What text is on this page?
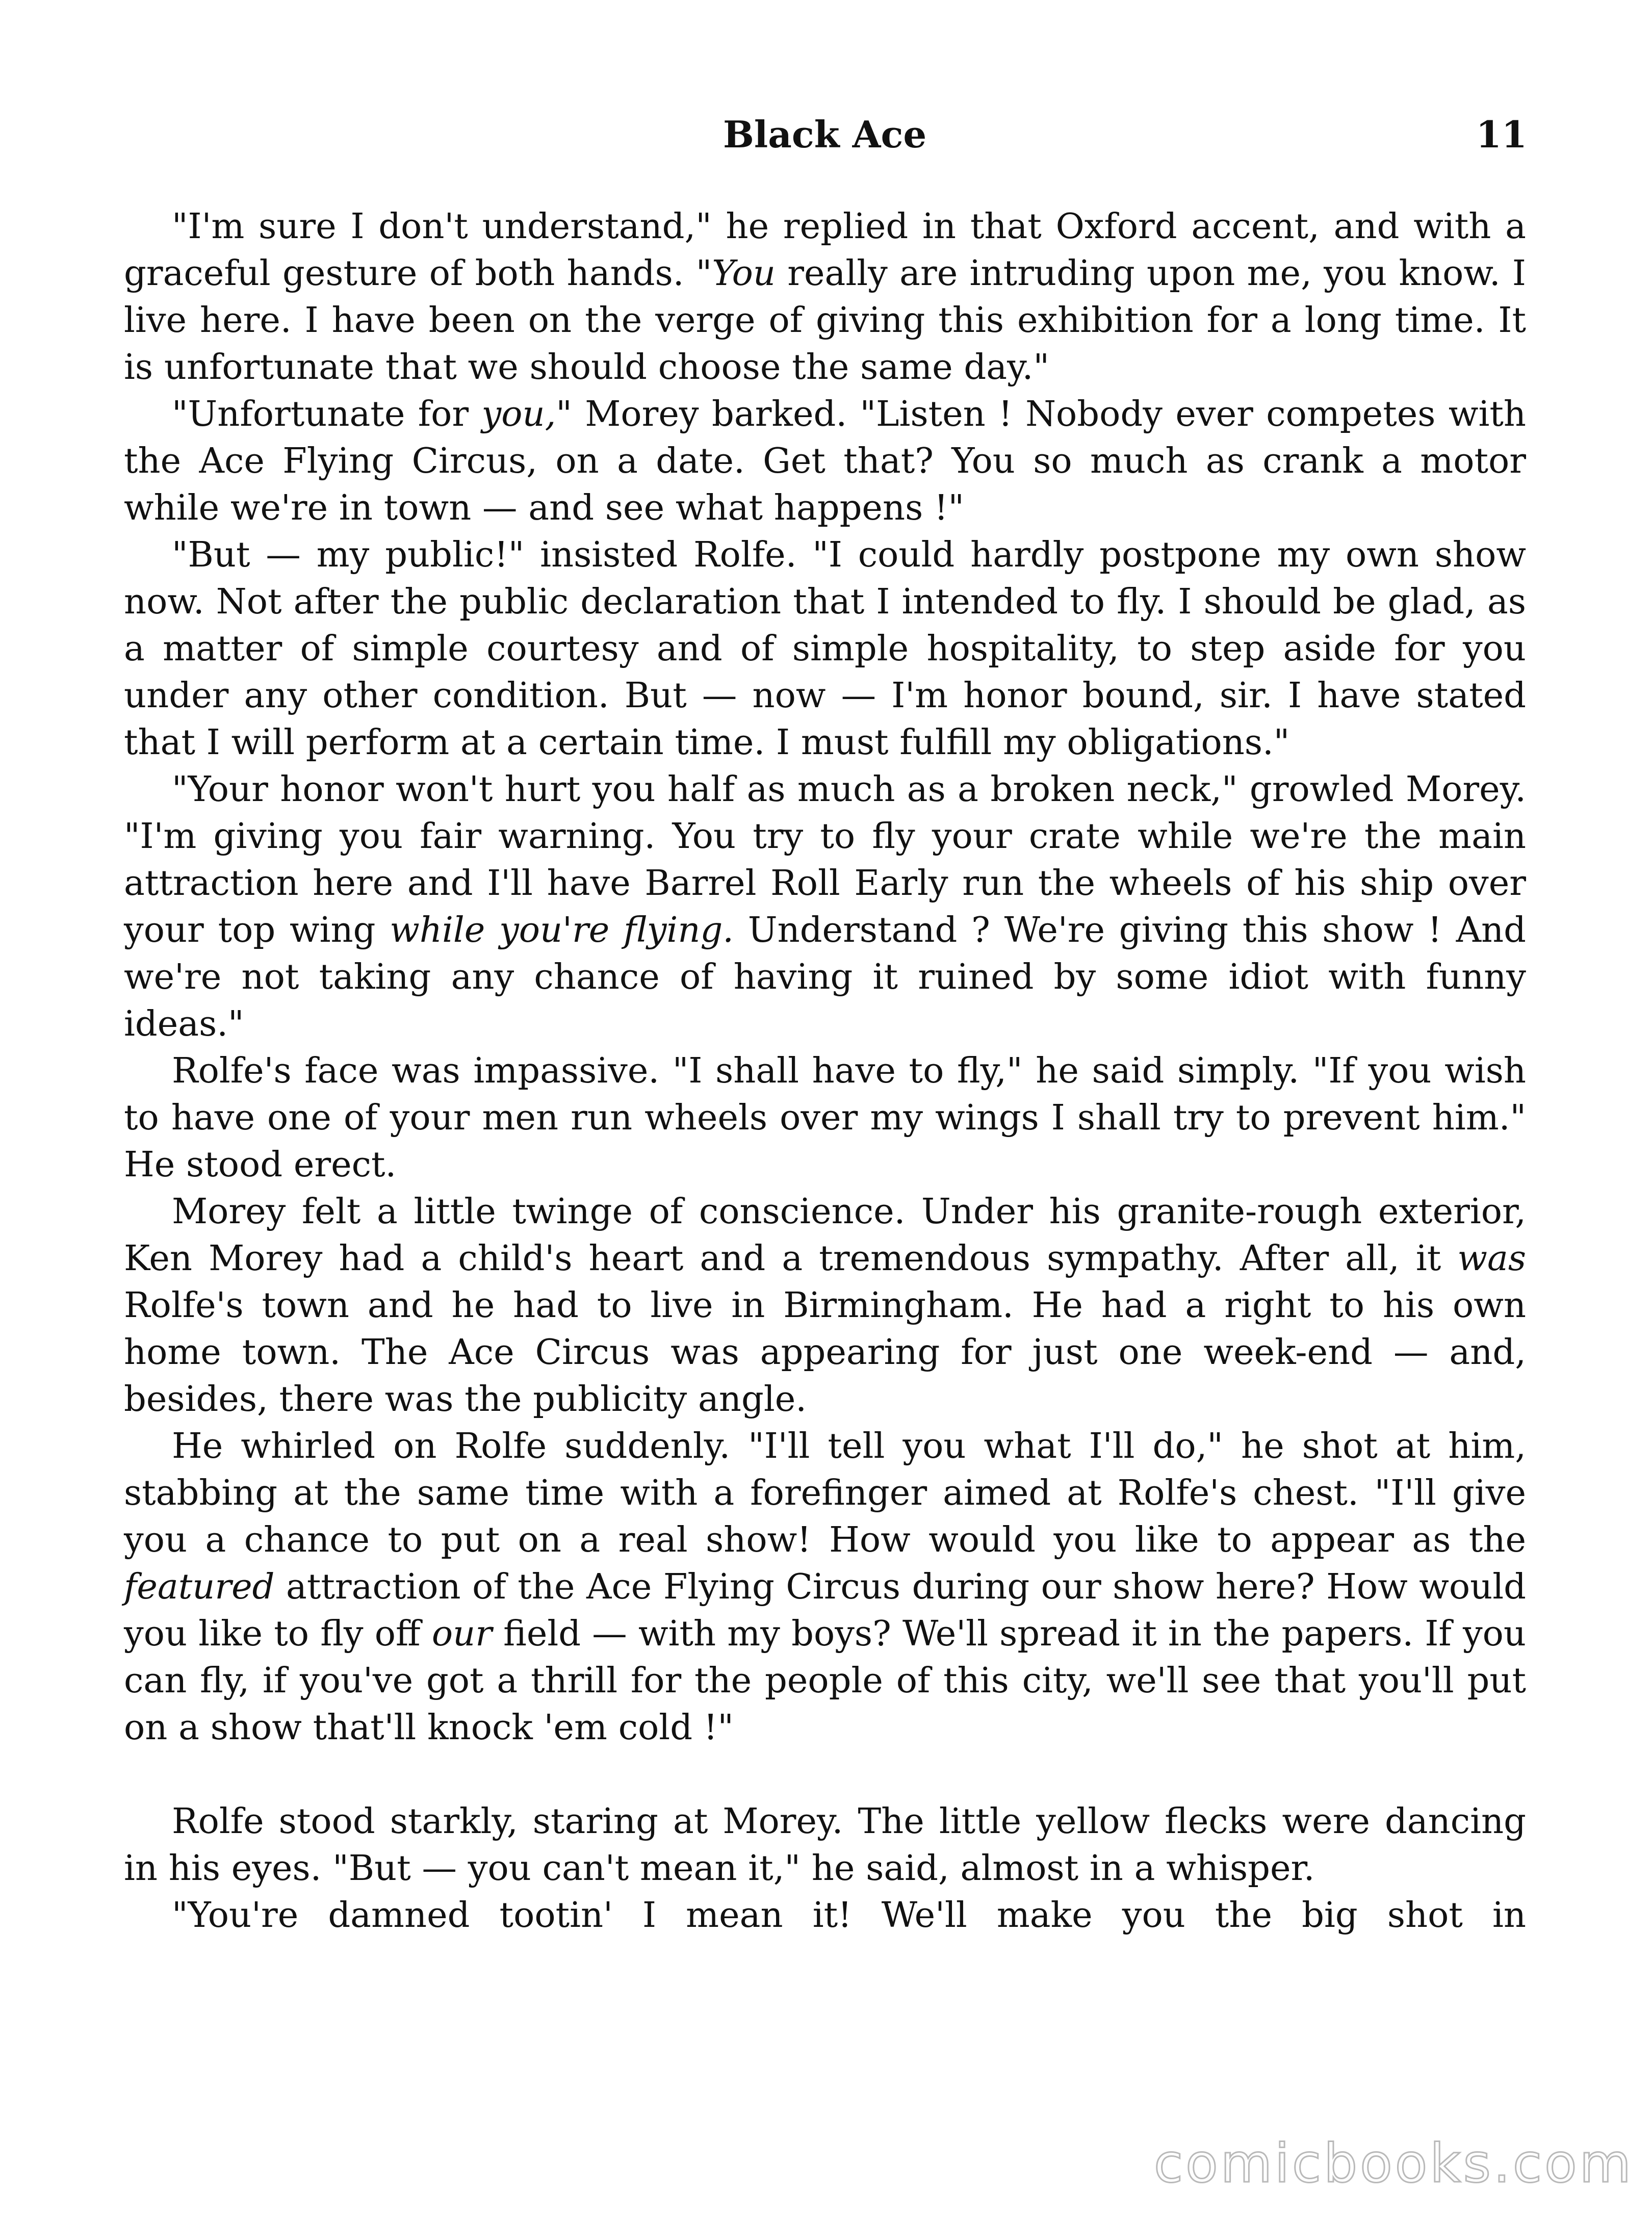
Black Ace	11

"I'm sure I don't understand," he replied in that Oxford accent, and with a graceful gesture of both hands. "You really are intruding upon me, you know. I live here. I have been on the verge of giving this exhibition for a long time. It is unfortunate that we should choose the same day."

"Unfortunate for you," Morey barked. "Listen ! Nobody ever competes with the Ace Flying Circus, on a date. Get that? You so much as crank a motor while we're in town — and see what happens !"

"But — my public!" insisted Rolfe. "I could hardly postpone my own show now. Not after the public declaration that I intended to fly. I should be glad, as a matter of simple courtesy and of simple hospitality, to step aside for you under any other condition. But — now — I'm honor bound, sir. I have stated that I will perform at a certain time. I must fulfill my obligations."

"Your honor won't hurt you half as much as a broken neck," growled Morey. "I'm giving you fair warning. You try to fly your crate while we're the main attraction here and I'll have Barrel Roll Early run the wheels of his ship over your top wing while you're flying. Understand ? We're giving this show ! And we're not taking any chance of having it ruined by some idiot with funny ideas."

Rolfe's face was impassive. "I shall have to fly," he said simply. "If you wish to have one of your men run wheels over my wings I shall try to prevent him." He stood erect.

Morey felt a little twinge of conscience. Under his granite-rough exterior, Ken Morey had a child's heart and a tremendous sympathy. After all, it was Rolfe's town and he had to live in Birmingham. He had a right to his own home town. The Ace Circus was appearing for just one week-end — and, besides, there was the publicity angle.

He whirled on Rolfe suddenly. "I'll tell you what I'll do," he shot at him, stabbing at the same time with a forefinger aimed at Rolfe's chest. "I'll give you a chance to put on a real show! How would you like to appear as the featured attraction of the Ace Flying Circus during our show here? How would you like to fly off our field — with my boys? We'll spread it in the papers. If you can fly, if you've got a thrill for the people of this city, we'll see that you'll put on a show that'll knock 'em cold !"

Rolfe stood starkly, staring at Morey. The little yellow flecks were dancing in his eyes. "But — you can't mean it," he said, almost in a whisper.

"You're damned tootin' I mean it! We'll make you the big shot in

comicbooks.com
